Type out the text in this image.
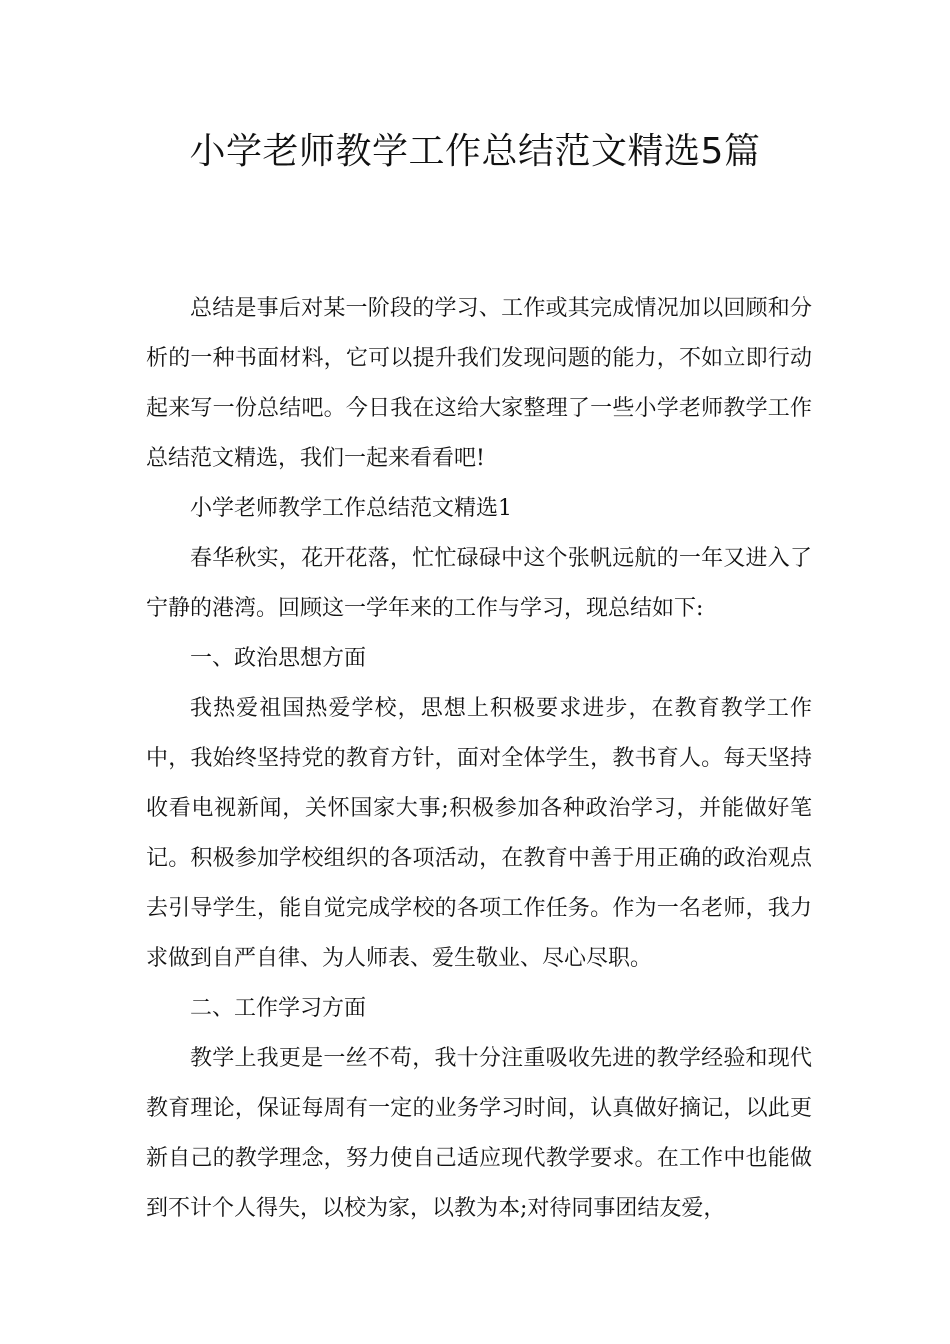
小学老师教学工作总结范文精选5篇

总结是事后对某一阶段的学习、工作或其完成情况加以回顾和分析的一种书面材料，它可以提升我们发现问题的能力，不如立即行动起来写一份总结吧。今日我在这给大家整理了一些小学老师教学工作总结范文精选，我们一起来看看吧!

小学老师教学工作总结范文精选1

春华秋实，花开花落，忙忙碌碌中这个张帆远航的一年又进入了宁静的港湾。回顾这一学年来的工作与学习，现总结如下:

一、政治思想方面

我热爱祖国热爱学校，思想上积极要求进步，在教育教学工作中，我始终坚持党的教育方针，面对全体学生，教书育人。每天坚持收看电视新闻，关怀国家大事;积极参加各种政治学习，并能做好笔记。积极参加学校组织的各项活动，在教育中善于用正确的政治观点去引导学生，能自觉完成学校的各项工作任务。作为一名老师，我力求做到自严自律、为人师表、爱生敬业、尽心尽职。

二、工作学习方面

教学上我更是一丝不苟，我十分注重吸收先进的教学经验和现代教育理论，保证每周有一定的业务学习时间，认真做好摘记，以此更新自己的教学理念，努力使自己适应现代教学要求。在工作中也能做到不计个人得失，以校为家，以教为本;对待同事团结友爱，
